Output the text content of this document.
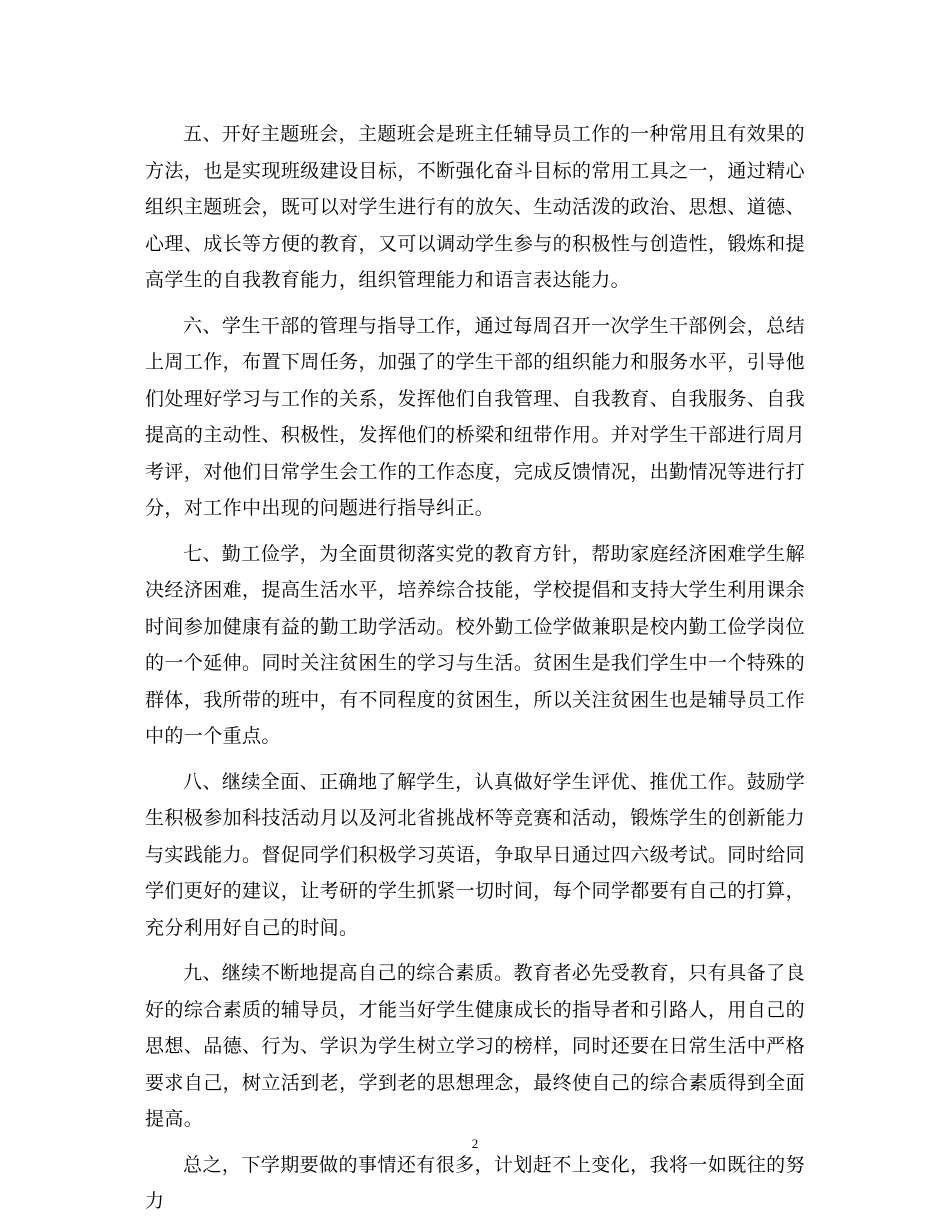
五、开好主题班会，主题班会是班主任辅导员工作的一种常用且有效果的方法，也是实现班级建设目标，不断强化奋斗目标的常用工具之一，通过精心组织主题班会，既可以对学生进行有的放矢、生动活泼的政治、思想、道德、心理、成长等方便的教育，又可以调动学生参与的积极性与创造性，锻炼和提高学生的自我教育能力，组织管理能力和语言表达能力。

六、学生干部的管理与指导工作，通过每周召开一次学生干部例会，总结上周工作，布置下周任务，加强了的学生干部的组织能力和服务水平，引导他们处理好学习与工作的关系，发挥他们自我管理、自我教育、自我服务、自我提高的主动性、积极性，发挥他们的桥梁和纽带作用。并对学生干部进行周月考评，对他们日常学生会工作的工作态度，完成反馈情况，出勤情况等进行打分，对工作中出现的问题进行指导纠正。

七、勤工俭学，为全面贯彻落实党的教育方针，帮助家庭经济困难学生解决经济困难，提高生活水平，培养综合技能，学校提倡和支持大学生利用课余时间参加健康有益的勤工助学活动。校外勤工俭学做兼职是校内勤工俭学岗位的一个延伸。同时关注贫困生的学习与生活。贫困生是我们学生中一个特殊的群体，我所带的班中，有不同程度的贫困生，所以关注贫困生也是辅导员工作中的一个重点。

八、继续全面、正确地了解学生，认真做好学生评优、推优工作。鼓励学生积极参加科技活动月以及河北省挑战杯等竞赛和活动，锻炼学生的创新能力与实践能力。督促同学们积极学习英语，争取早日通过四六级考试。同时给同学们更好的建议，让考研的学生抓紧一切时间，每个同学都要有自己的打算，充分利用好自己的时间。

九、继续不断地提高自己的综合素质。教育者必先受教育，只有具备了良好的综合素质的辅导员，才能当好学生健康成长的指导者和引路人，用自己的思想、品德、行为、学识为学生树立学习的榜样，同时还要在日常生活中严格要求自己，树立活到老，学到老的思想理念，最终使自己的综合素质得到全面提高。

总之，下学期要做的事情还有很多，计划赶不上变化，我将一如既往的努力

2
